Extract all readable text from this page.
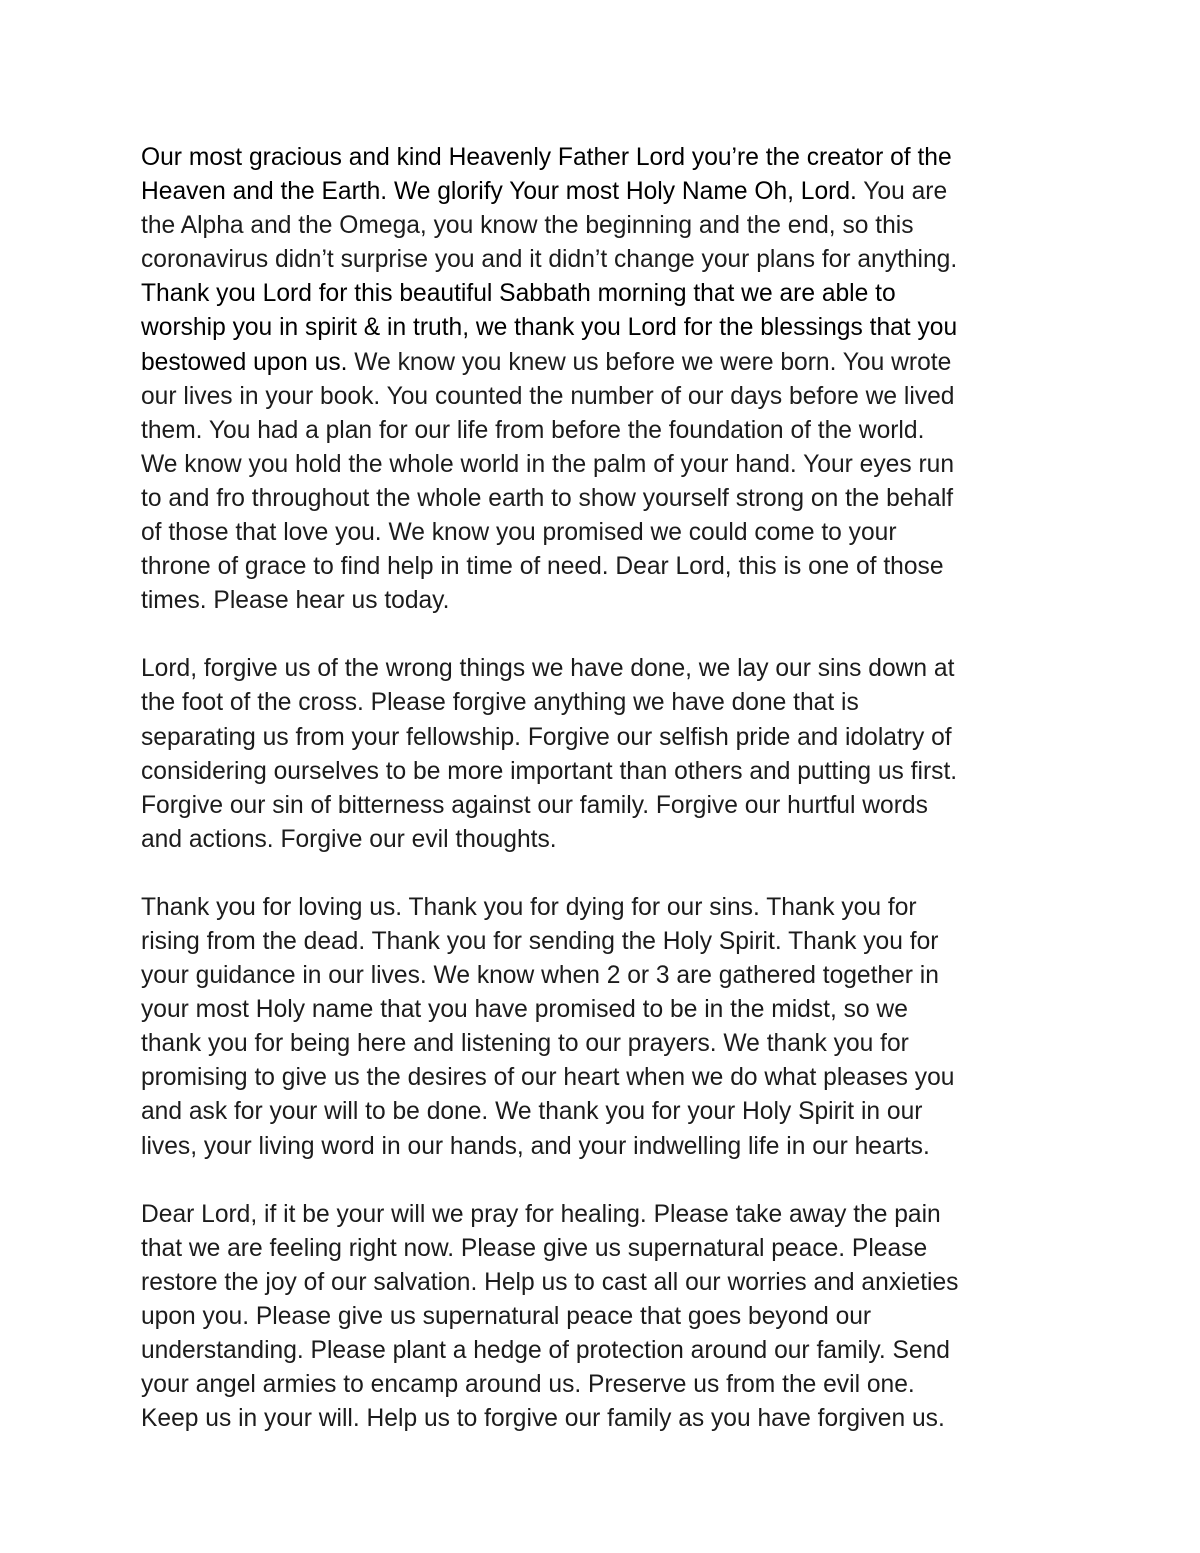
Our most gracious and kind Heavenly Father Lord you’re the creator of the
Heaven and the Earth. We glorify Your most Holy Name Oh, Lord. You are
the Alpha and the Omega, you know the beginning and the end, so this
coronavirus didn’t surprise you and it didn’t change your plans for anything.
Thank you Lord for this beautiful Sabbath morning that we are able to
worship you in spirit & in truth, we thank you Lord for the blessings that you
bestowed upon us. We know you knew us before we were born. You wrote
our lives in your book. You counted the number of our days before we lived
them. You had a plan for our life from before the foundation of the world.
We know you hold the whole world in the palm of your hand. Your eyes run
to and fro throughout the whole earth to show yourself strong on the behalf
of those that love you. We know you promised we could come to your
throne of grace to find help in time of need. Dear Lord, this is one of those
times. Please hear us today.

Lord, forgive us of the wrong things we have done, we lay our sins down at
the foot of the cross. Please forgive anything we have done that is
separating us from your fellowship. Forgive our selfish pride and idolatry of
considering ourselves to be more important than others and putting us first.
Forgive our sin of bitterness against our family. Forgive our hurtful words
and actions. Forgive our evil thoughts.

Thank you for loving us. Thank you for dying for our sins. Thank you for
rising from the dead. Thank you for sending the Holy Spirit. Thank you for
your guidance in our lives. We know when 2 or 3 are gathered together in
your most Holy name that you have promised to be in the midst, so we
thank you for being here and listening to our prayers. We thank you for
promising to give us the desires of our heart when we do what pleases you
and ask for your will to be done. We thank you for your Holy Spirit in our
lives, your living word in our hands, and your indwelling life in our hearts.

Dear Lord, if it be your will we pray for healing. Please take away the pain
that we are feeling right now. Please give us supernatural peace. Please
restore the joy of our salvation. Help us to cast all our worries and anxieties
upon you. Please give us supernatural peace that goes beyond our
understanding. Please plant a hedge of protection around our family. Send
your angel armies to encamp around us. Preserve us from the evil one.
Keep us in your will. Help us to forgive our family as you have forgiven us.
